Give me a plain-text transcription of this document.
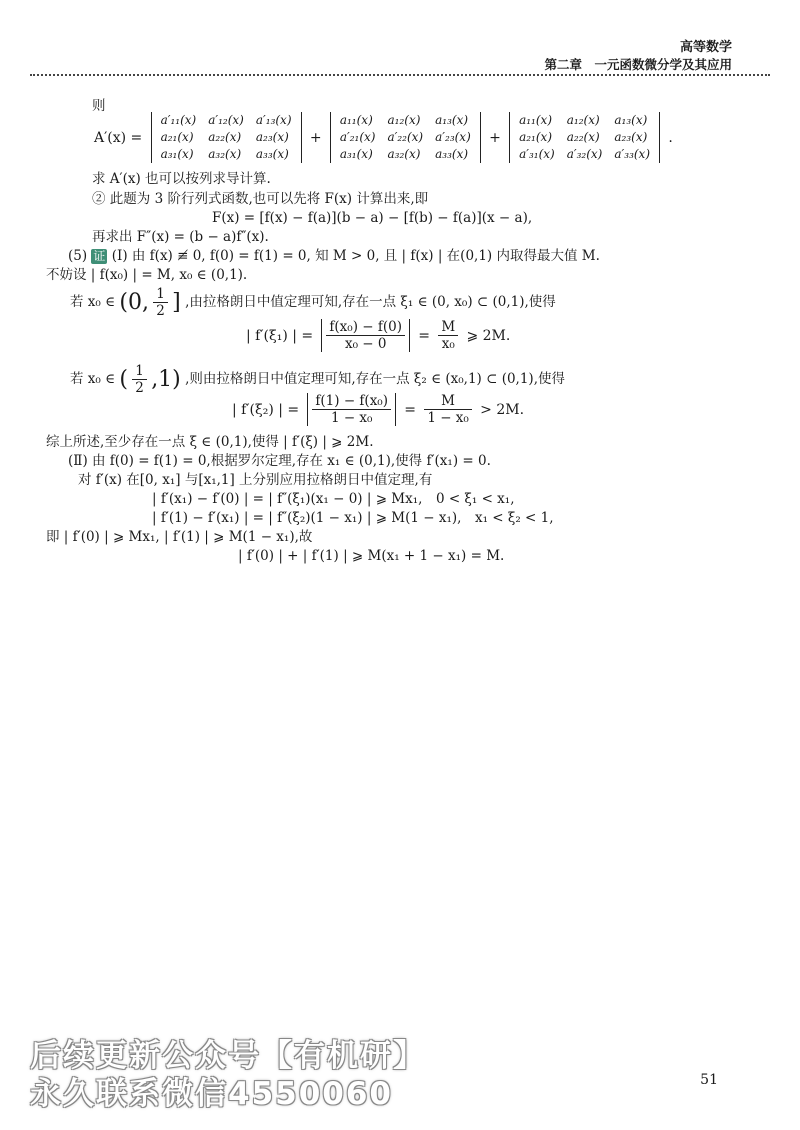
高等数学
第二章　一元函数微分学及其应用
则
A′(x) =
a′₁₁(x)	a′₁₂(x)	a′₁₃(x)
a₂₁(x)	a₂₂(x)	a₂₃(x)
a₃₁(x)	a₃₂(x)	a₃₃(x)
+
a₁₁(x)	a₁₂(x)	a₁₃(x)
a′₂₁(x)	a′₂₂(x)	a′₂₃(x)
a₃₁(x)	a₃₂(x)	a₃₃(x)
+
a₁₁(x)	a₁₂(x)	a₁₃(x)
a₂₁(x)	a₂₂(x)	a₂₃(x)
a′₃₁(x)	a′₃₂(x)	a′₃₃(x)
.
求 A′(x) 也可以按列求导计算.
② 此题为 3 阶行列式函数,也可以先将 F(x) 计算出来,即
F(x) = [f(x) − f(a)](b − a) − [f(b) − f(a)](x − a),
再求出 F″(x) = (b − a)f″(x).
(5) 证 (Ⅰ) 由 f(x) ≢ 0, f(0) = f(1) = 0, 知 M > 0, 且 | f(x) | 在(0,1) 内取得最大值 M.
不妨设 | f(x₀) | = M, x₀ ∈ (0,1).
若 x₀ ∈ (0, $\frac{1}{2}$ ] ,由拉格朗日中值定理可知,存在一点 ξ₁ ∈ (0, x₀) ⊂ (0,1),使得
| f′(ξ₁) | = $\frac{\text{f(x₀) − f(0)}}{\text{x₀ − 0}} = \frac{M}{\text{x₀}}$ ⩾ 2M.
若 x₀ ∈ ( $\frac{1}{2} ,1$) ,则由拉格朗日中值定理可知,存在一点 ξ₂ ∈ (x₀,1) ⊂ (0,1),使得
| f′(ξ₂) | = $\frac{\text{f(1) − f(x₀)}}{\text{1 − x₀}} = \frac{M}{\text{1 − x₀}} > 2M$.
综上所述,至少存在一点 ξ ∈ (0,1),使得 | f′(ξ) | ⩾ 2M.
(Ⅱ) 由 f(0) = f(1) = 0,根据罗尔定理,存在 x₁ ∈ (0,1),使得 f′(x₁) = 0.
对 f′(x) 在[0, x₁] 与[x₁,1] 上分别应用拉格朗日中值定理,有
| f′(x₁) − f′(0) | = | f″(ξ₁)(x₁ − 0) | ⩾ Mx₁,　0 < ξ₁ < x₁,
| f′(1) − f′(x₁) | = | f″(ξ₂)(1 − x₁) | ⩾ M(1 − x₁),　x₁ < ξ₂ < 1,
即 | f′(0) | ⩾ Mx₁, | f′(1) | ⩾ M(1 − x₁),故
| f′(0) | + | f′(1) | ⩾ M(x₁ + 1 − x₁) = M.
后续更新公众号【有机研】
永久联系微信4550060	51
